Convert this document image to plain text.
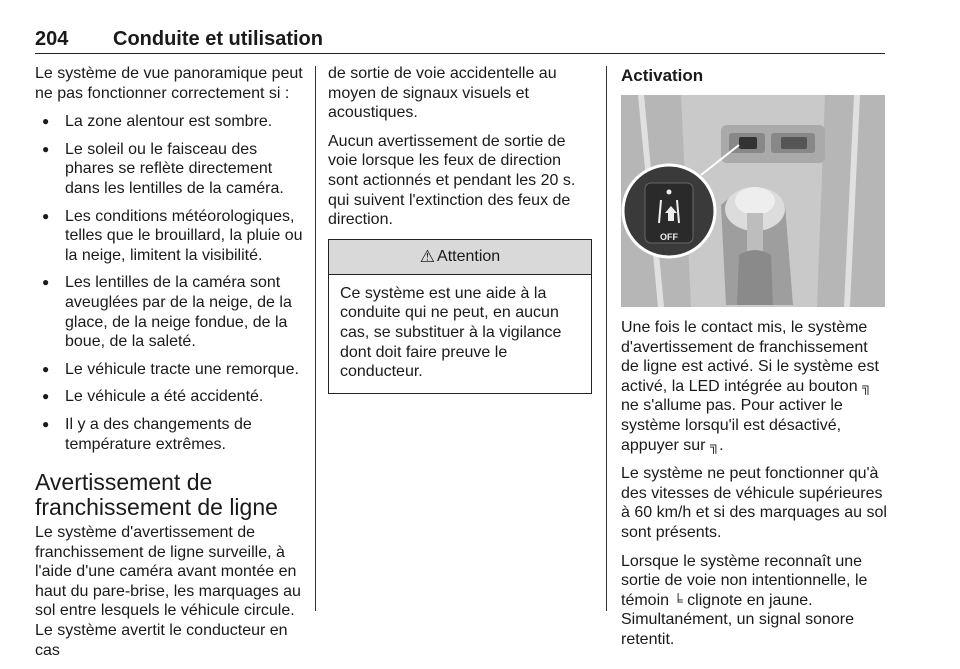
204 Conduite et utilisation

Le système de vue panoramique peut ne pas fonctionner correctement si :

● La zone alentour est sombre.
● Le soleil ou le faisceau des phares se reflète directement dans les lentilles de la caméra.
● Les conditions météorologiques, telles que le brouillard, la pluie ou la neige, limitent la visibilité.
● Les lentilles de la caméra sont aveuglées par de la neige, de la glace, de la neige fondue, de la boue, de la saleté.
● Le véhicule tracte une remorque.
● Le véhicule a été accidenté.
● Il y a des changements de température extrêmes.
Avertissement de franchissement de ligne

Le système d'avertissement de franchissement de ligne surveille, à l'aide d'une caméra avant montée en haut du pare-brise, les marquages au sol entre lesquels le véhicule circule. Le système avertit le conducteur en cas

de sortie de voie accidentelle au moyen de signaux visuels et acoustiques.

Aucun avertissement de sortie de voie lorsque les feux de direction sont actionnés et pendant les 20 s. qui suivent l'extinction des feux de direction.

⚠ Attention

Ce système est une aide à la conduite qui ne peut, en aucun cas, se substituer à la vigilance dont doit faire preuve le conducteur.

Activation
OFF

Une fois le contact mis, le système d'avertissement de franchissement de ligne est activé. Si le système est activé, la LED intégrée au bouton ╗ ne s'allume pas. Pour activer le système lorsqu'il est désactivé, appuyer sur ╗.

Le système ne peut fonctionner qu'à des vitesses de véhicule supérieures à 60 km/h et si des marquages au sol sont présents.

Lorsque le système reconnaît une sortie de voie non intentionnelle, le témoin ╘ clignote en jaune. Simultanément, un signal sonore retentit.
